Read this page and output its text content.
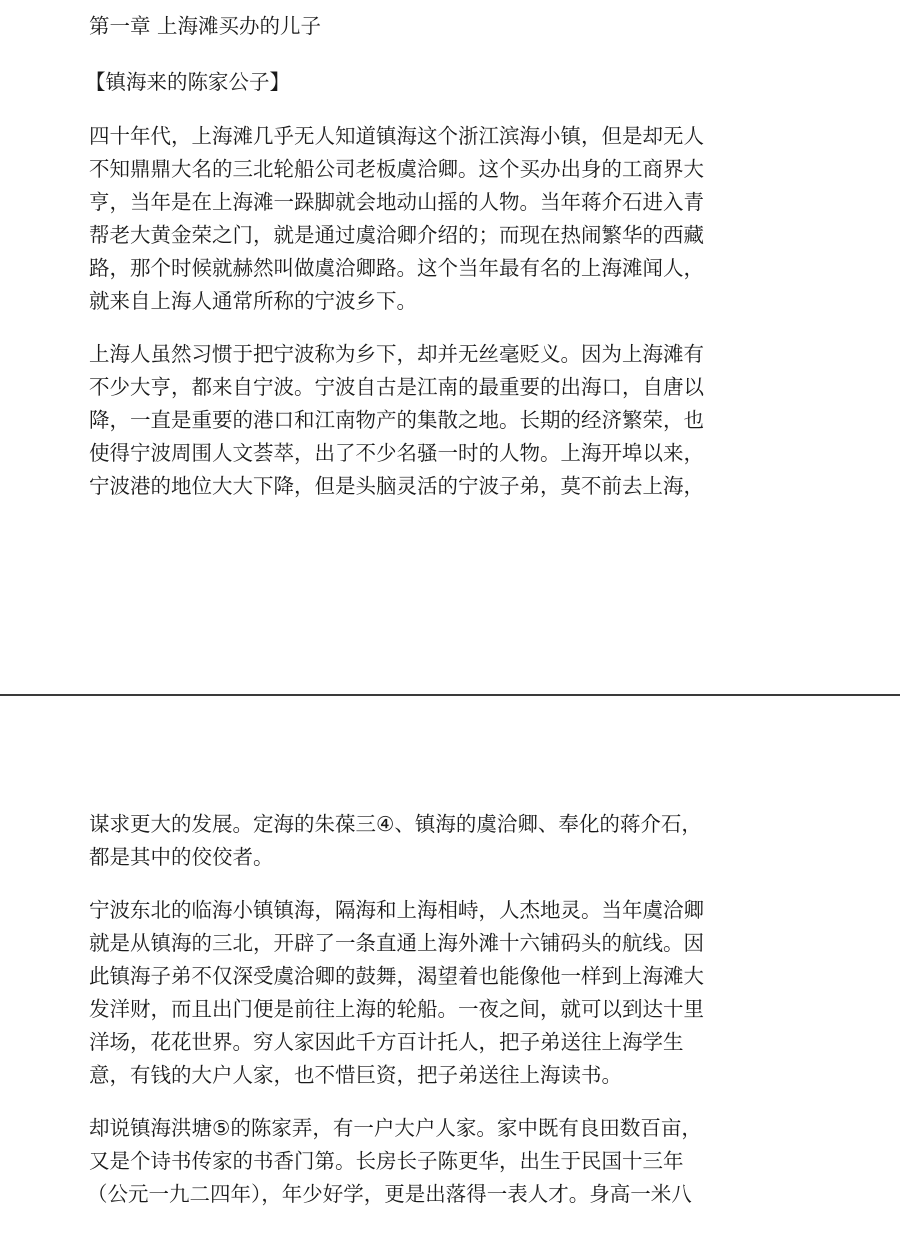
第一章 上海滩买办的儿子
【镇海来的陈家公子】
四十年代，上海滩几乎无人知道镇海这个浙江滨海小镇，但是却无人
不知鼎鼎大名的三北轮船公司老板虞洽卿。这个买办出身的工商界大
亨，当年是在上海滩一跺脚就会地动山摇的人物。当年蒋介石进入青
帮老大黄金荣之门，就是通过虞洽卿介绍的；而现在热闹繁华的西藏
路，那个时候就赫然叫做虞洽卿路。这个当年最有名的上海滩闻人，
就来自上海人通常所称的宁波乡下。
上海人虽然习惯于把宁波称为乡下，却并无丝毫贬义。因为上海滩有
不少大亨，都来自宁波。宁波自古是江南的最重要的出海口，自唐以
降，一直是重要的港口和江南物产的集散之地。长期的经济繁荣，也
使得宁波周围人文荟萃，出了不少名骚一时的人物。上海开埠以来，
宁波港的地位大大下降，但是头脑灵活的宁波子弟，莫不前去上海，
谋求更大的发展。定海的朱葆三④、镇海的虞洽卿、奉化的蒋介石，
都是其中的佼佼者。
宁波东北的临海小镇镇海，隔海和上海相峙，人杰地灵。当年虞洽卿
就是从镇海的三北，开辟了一条直通上海外滩十六铺码头的航线。因
此镇海子弟不仅深受虞洽卿的鼓舞，渴望着也能像他一样到上海滩大
发洋财，而且出门便是前往上海的轮船。一夜之间，就可以到达十里
洋场，花花世界。穷人家因此千方百计托人，把子弟送往上海学生
意，有钱的大户人家，也不惜巨资，把子弟送往上海读书。
却说镇海洪塘⑤的陈家弄，有一户大户人家。家中既有良田数百亩，
又是个诗书传家的书香门第。长房长子陈更华，出生于民国十三年
（公元一九二四年），年少好学，更是出落得一表人才。身高一米八
